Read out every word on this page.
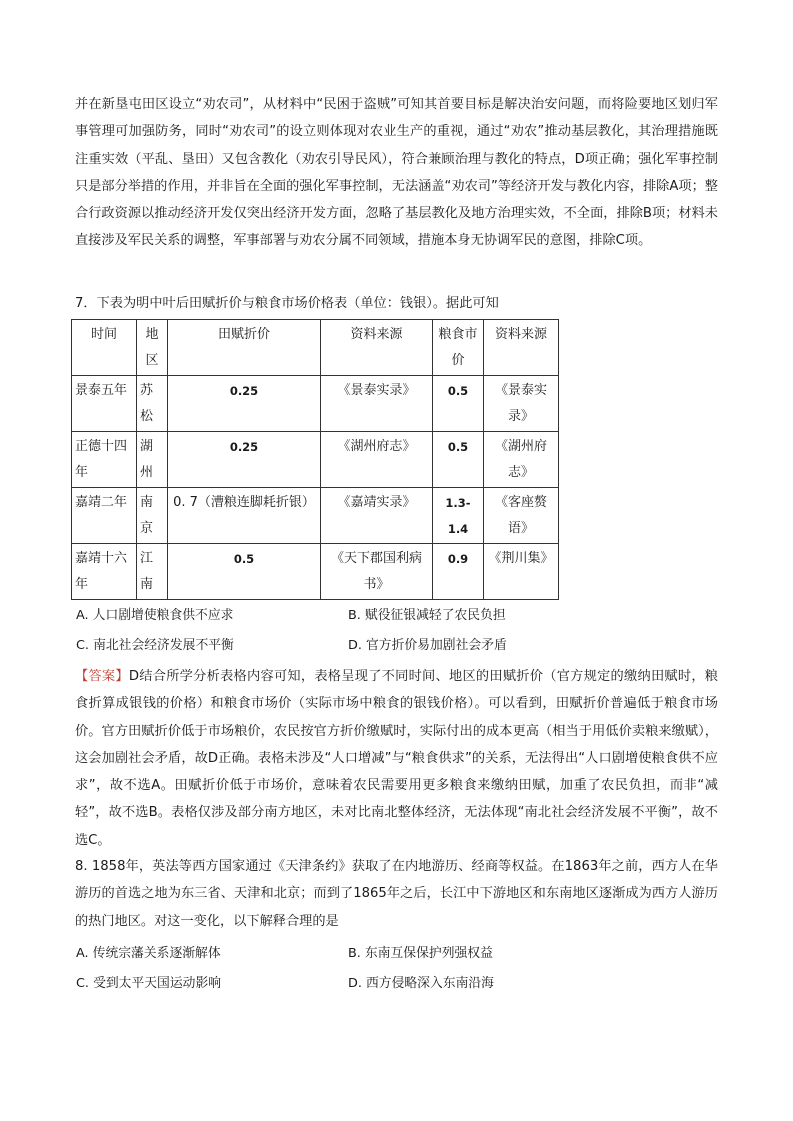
并在新垦屯田区设立“劝农司”，从材料中“民困于盗贼”可知其首要目标是解决治安问题，而将险要地区划归军事管理可加强防务，同时“劝农司”的设立则体现对农业生产的重视，通过“劝农”推动基层教化，其治理措施既注重实效（平乱、垦田）又包含教化（劝农引导民风），符合兼顾治理与教化的特点，D项正确；强化军事控制只是部分举措的作用，并非旨在全面的强化军事控制，无法涵盖“劝农司”等经济开发与教化内容，排除A项；整合行政资源以推动经济开发仅突出经济开发方面，忽略了基层教化及地方治理实效，不全面，排除B项；材料未直接涉及军民关系的调整，军事部署与劝农分属不同领域，措施本身无协调军民的意图，排除C项。

7．下表为明中叶后田赋折价与粮食市场价格表（单位：钱银）。据此可知

时间	地区	田赋折价	资料来源	粮食市价	资料来源
景泰五年	苏松	0.25	《景泰实录》	0.5	《景泰实录》
正德十四年	湖州	0.25	《湖州府志》	0.5	《湖州府志》
嘉靖二年	南京	0. 7（漕粮连脚耗折银）	《嘉靖实录》	1.3-1.4	《客座赘语》
嘉靖十六年	江南	0.5	《天下郡国利病书》	0.9	《荆川集》
A. 人口剧增使粮食供不应求	B. 赋役征银减轻了农民负担
C. 南北社会经济发展不平衡	D. 官方折价易加剧社会矛盾

【答案】D结合所学分析表格内容可知，表格呈现了不同时间、地区的田赋折价（官方规定的缴纳田赋时，粮食折算成银钱的价格）和粮食市场价（实际市场中粮食的银钱价格）。可以看到，田赋折价普遍低于粮食市场价。官方田赋折价低于市场粮价，农民按官方折价缴赋时，实际付出的成本更高（相当于用低价卖粮来缴赋），这会加剧社会矛盾，故D正确。表格未涉及“人口增减”与“粮食供求”的关系，无法得出“人口剧增使粮食供不应求”，故不选A。田赋折价低于市场价，意味着农民需要用更多粮食来缴纳田赋，加重了农民负担，而非“减轻”，故不选B。表格仅涉及部分南方地区，未对比南北整体经济，无法体现“南北社会经济发展不平衡”，故不选C。

8. 1858年，英法等西方国家通过《天津条约》获取了在内地游历、经商等权益。在1863年之前，西方人在华游历的首选之地为东三省、天津和北京；而到了1865年之后，长江中下游地区和东南地区逐渐成为西方人游历的热门地区。对这一变化，以下解释合理的是

A. 传统宗藩关系逐渐解体	B. 东南互保保护列强权益
C. 受到太平天国运动影响	D. 西方侵略深入东南沿海
